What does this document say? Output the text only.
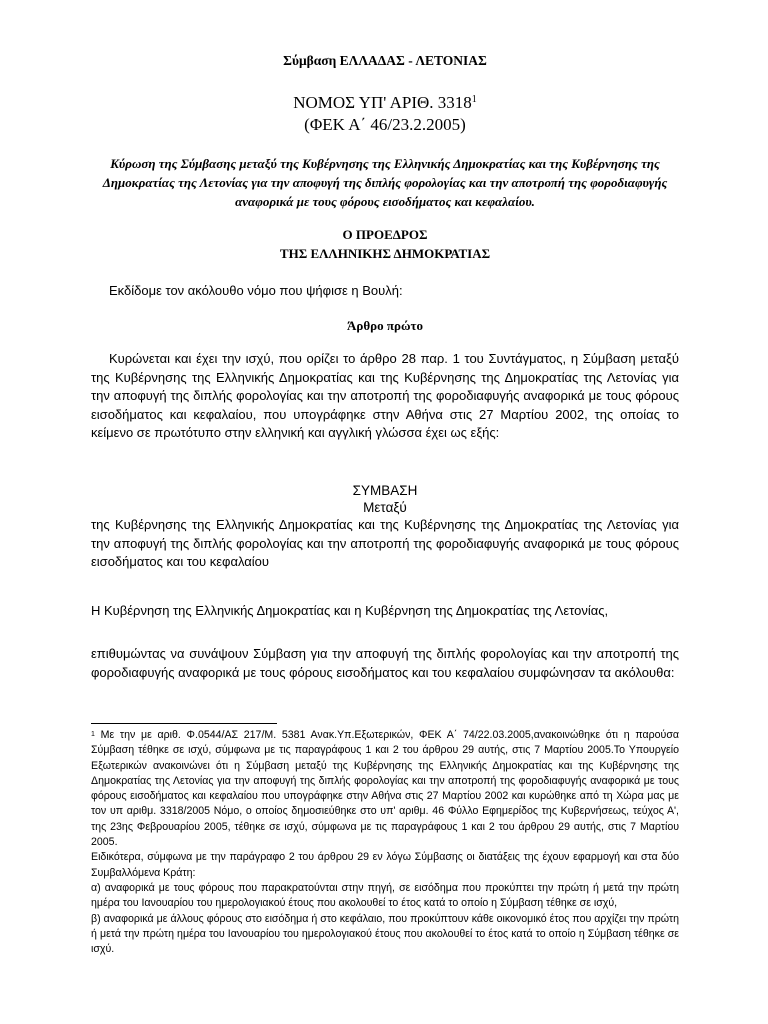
Σύμβαση ΕΛΛΑΔΑΣ - ΛΕΤΟΝΙΑΣ
ΝΟΜΟΣ ΥΠ' ΑΡΙΘ. 3318$^1$
(ΦΕΚ Α΄ 46/23.2.2005)
Κύρωση της Σύμβασης μεταξύ της Κυβέρνησης της Ελληνικής Δημοκρατίας και της Κυβέρνησης της Δημοκρατίας της Λετονίας για την αποφυγή της διπλής φορολογίας και την αποτροπή της φοροδιαφυγής αναφορικά με τους φόρους εισοδήματος και κεφαλαίου.
Ο ΠΡΟΕΔΡΟΣ
ΤΗΣ ΕΛΛΗΝΙΚΗΣ ΔΗΜΟΚΡΑΤΙΑΣ
Εκδίδομε τον ακόλουθο νόμο που ψήφισε η Βουλή:
Άρθρο πρώτο
Κυρώνεται και έχει την ισχύ, που ορίζει το άρθρο 28 παρ. 1 του Συντάγματος, η Σύμβαση μεταξύ της Κυβέρνησης της Ελληνικής Δημοκρατίας και της Κυβέρνησης της Δημοκρατίας της Λετονίας για την αποφυγή της διπλής φορολογίας και την αποτροπή της φοροδιαφυγής αναφορικά με τους φόρους εισοδήματος και κεφαλαίου, που υπογράφηκε στην Αθήνα στις 27 Μαρτίου 2002, της οποίας το κείμενο σε πρωτότυπο στην ελληνική και αγγλική γλώσσα έχει ως εξής:
ΣΥΜΒΑΣΗ
Μεταξύ
της Κυβέρνησης της Ελληνικής Δημοκρατίας και της Κυβέρνησης της Δημοκρατίας της Λετονίας για την αποφυγή της διπλής φορολογίας και την αποτροπή της φοροδιαφυγής αναφορικά με τους φόρους εισοδήματος και του κεφαλαίου
Η Κυβέρνηση της Ελληνικής Δημοκρατίας και η Κυβέρνηση της Δημοκρατίας της Λετονίας,
επιθυμώντας να συνάψουν Σύμβαση για την αποφυγή της διπλής φορολογίας και την αποτροπή της φοροδιαφυγής αναφορικά με τους φόρους εισοδήματος και του κεφαλαίου συμφώνησαν τα ακόλουθα:

$^1$ Με την με αριθ. Φ.0544/ΑΣ 217/Μ. 5381 Ανακ.Υπ.Εξωτερικών, ΦΕΚ Α΄ 74/22.03.2005,ανακοινώθηκε ότι η παρούσα Σύμβαση τέθηκε σε ισχύ, σύμφωνα με τις παραγράφους 1 και 2 του άρθρου 29 αυτής, στις 7 Μαρτίου 2005.Το Υπουργείο Εξωτερικών ανακοινώνει ότι η Σύμβαση μεταξύ της Κυβέρνησης της Ελληνικής Δημοκρατίας και της Κυβέρνησης της Δημοκρατίας της Λετονίας για την αποφυγή της διπλής φορολογίας και την αποτροπή της φοροδιαφυγής αναφορικά με τους φόρους εισοδήματος και κεφαλαίου που υπογράφηκε στην Αθήνα στις 27 Μαρτίου 2002 και κυρώθηκε από τη Χώρα μας με τον υπ αριθμ. 3318/2005 Νόμο, ο οποίος δημοσιεύθηκε στο υπ' αριθμ. 46 Φύλλο Εφημερίδος της Κυβερνήσεως, τεύχος Α', της 23ης Φεβρουαρίου 2005, τέθηκε σε ισχύ, σύμφωνα με τις παραγράφους 1 και 2 του άρθρου 29 αυτής, στις 7 Μαρτίου 2005.

Ειδικότερα, σύμφωνα με την παράγραφο 2 του άρθρου 29 εν λόγω Σύμβασης οι διατάξεις της έχουν εφαρμογή και στα δύο Συμβαλλόμενα Κράτη:

α) αναφορικά με τους φόρους που παρακρατούνται στην πηγή, σε εισόδημα που προκύπτει την πρώτη ή μετά την πρώτη ημέρα του Ιανουαρίου του ημερολογιακού έτους που ακολουθεί το έτος κατά το οποίο η Σύμβαση τέθηκε σε ισχύ,

β) αναφορικά με άλλους φόρους στο εισόδημα ή στο κεφάλαιο, που προκύπτουν κάθε οικονομικό έτος που αρχίζει την πρώτη ή μετά την πρώτη ημέρα του Ιανουαρίου του ημερολογιακού έτους που ακολουθεί το έτος κατά το οποίο η Σύμβαση τέθηκε σε ισχύ.
